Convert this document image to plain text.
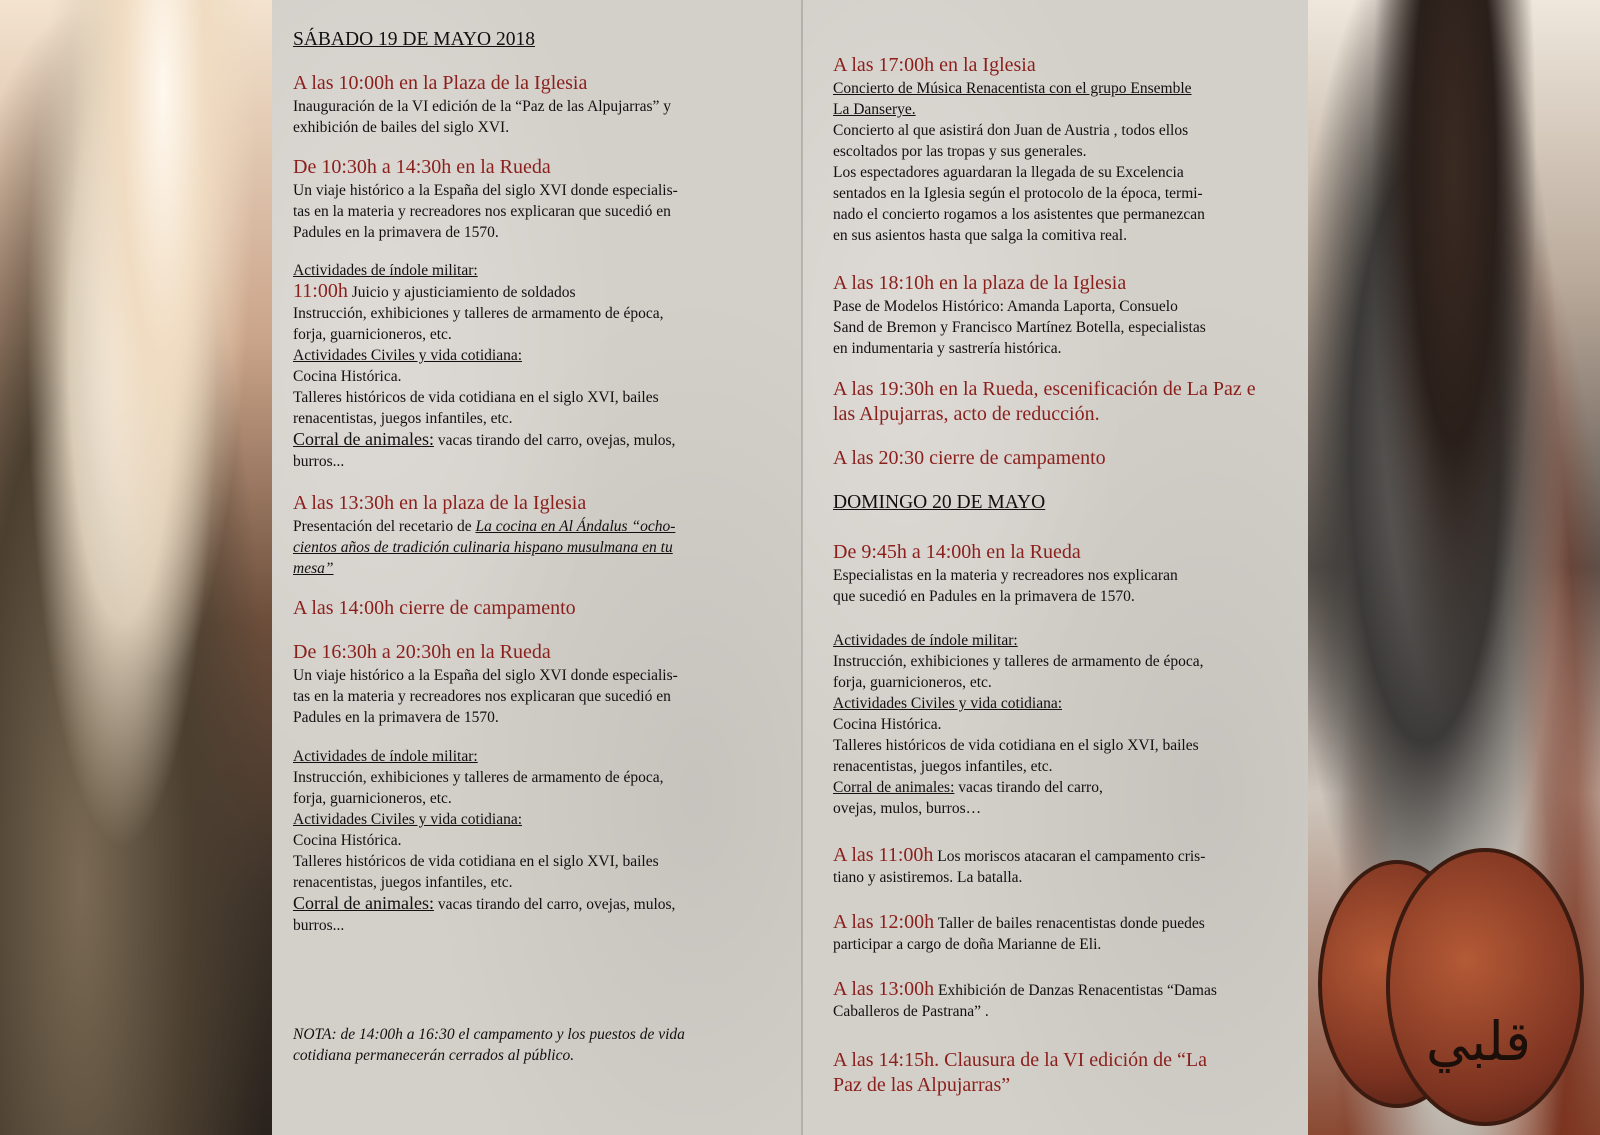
قلبي

SÁBADO 19 DE MAYO 2018

A las 10:00h en la Plaza de la Iglesia

Inauguración de la VI edición de la “Paz de las Alpujarras” y

exhibición de bailes del siglo XVI.

De 10:30h a 14:30h en la Rueda

Un viaje histórico a la España del siglo XVI donde especialis-

tas en la materia y recreadores nos explicaran que sucedió en

Padules en la primavera de 1570.

Actividades de índole militar:

11:00h Juicio y ajusticiamiento de soldados

Instrucción, exhibiciones y talleres de armamento de época,

forja, guarnicioneros, etc.

Actividades Civiles y vida cotidiana:

Cocina Histórica.

Talleres históricos de vida cotidiana en el siglo XVI, bailes

renacentistas, juegos infantiles, etc.

Corral de animales: vacas tirando del carro, ovejas, mulos,

burros...

A las 13:30h en la plaza de la Iglesia

Presentación del recetario de La cocina en Al Ándalus “ocho-

cientos años de tradición culinaria hispano musulmana en tu

mesa”

A las 14:00h cierre de campamento

De 16:30h a 20:30h en la Rueda

Un viaje histórico a la España del siglo XVI donde especialis-

tas en la materia y recreadores nos explicaran que sucedió en

Padules en la primavera de 1570.

Actividades de índole militar:

Instrucción, exhibiciones y talleres de armamento de época,

forja, guarnicioneros, etc.

Actividades Civiles y vida cotidiana:

Cocina Histórica.

Talleres históricos de vida cotidiana en el siglo XVI, bailes

renacentistas, juegos infantiles, etc.

Corral de animales: vacas tirando del carro, ovejas, mulos,

burros...

NOTA: de 14:00h a 16:30 el campamento y los puestos de vida

cotidiana permanecerán cerrados al público.

A las 17:00h en la Iglesia

Concierto de Música Renacentista con el grupo Ensemble

La Danserye.

Concierto al que asistirá don Juan de Austria , todos ellos

escoltados por las tropas y sus generales.

Los espectadores aguardaran la llegada de su Excelencia

sentados en la Iglesia según el protocolo de la época, termi-

nado el concierto rogamos a los asistentes que permanezcan

en sus asientos hasta que salga la comitiva real.

A las 18:10h en la plaza de la Iglesia

Pase de Modelos Histórico: Amanda Laporta, Consuelo

Sand de Bremon y Francisco Martínez Botella, especialistas

en indumentaria y sastrería histórica.

A las 19:30h en la Rueda, escenificación de La Paz e

las Alpujarras, acto de reducción.

A las 20:30 cierre de campamento

DOMINGO 20 DE MAYO

De 9:45h a 14:00h en la Rueda

Especialistas en la materia y recreadores nos explicaran

que sucedió en Padules en la primavera de 1570.

Actividades de índole militar:

Instrucción, exhibiciones y talleres de armamento de época,

forja, guarnicioneros, etc.

Actividades Civiles y vida cotidiana:

Cocina Histórica.

Talleres históricos de vida cotidiana en el siglo XVI, bailes

renacentistas, juegos infantiles, etc.

Corral de animales: vacas tirando del carro,

ovejas, mulos, burros…

A las 11:00h Los moriscos atacaran el campamento cris-

tiano y asistiremos. La batalla.

A las 12:00h Taller de bailes renacentistas donde puedes

participar a cargo de doña Marianne de Eli.

A las 13:00h Exhibición de Danzas Renacentistas “Damas

Caballeros de Pastrana” .

A las 14:15h. Clausura de la VI edición de “La

Paz de las Alpujarras”
